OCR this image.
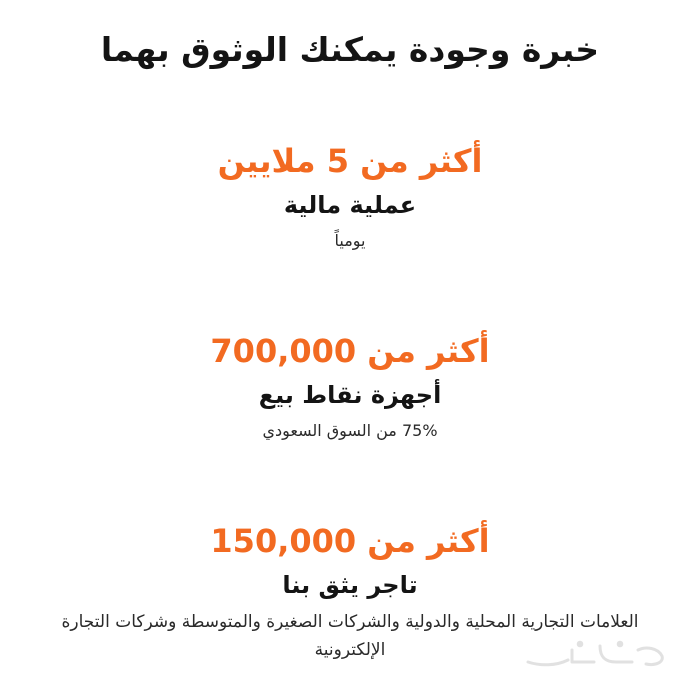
خبرة وجودة يمكنك الوثوق بهما
أكثر من 5 ملايين
عملية مالية
يومياً
أكثر من 700,000
أجهزة نقاط بيع
75% من السوق السعودي
أكثر من 150,000
تاجر يثق بنا
العلامات التجارية المحلية والدولية والشركات الصغيرة والمتوسطة وشركات التجارة الإلكترونية
